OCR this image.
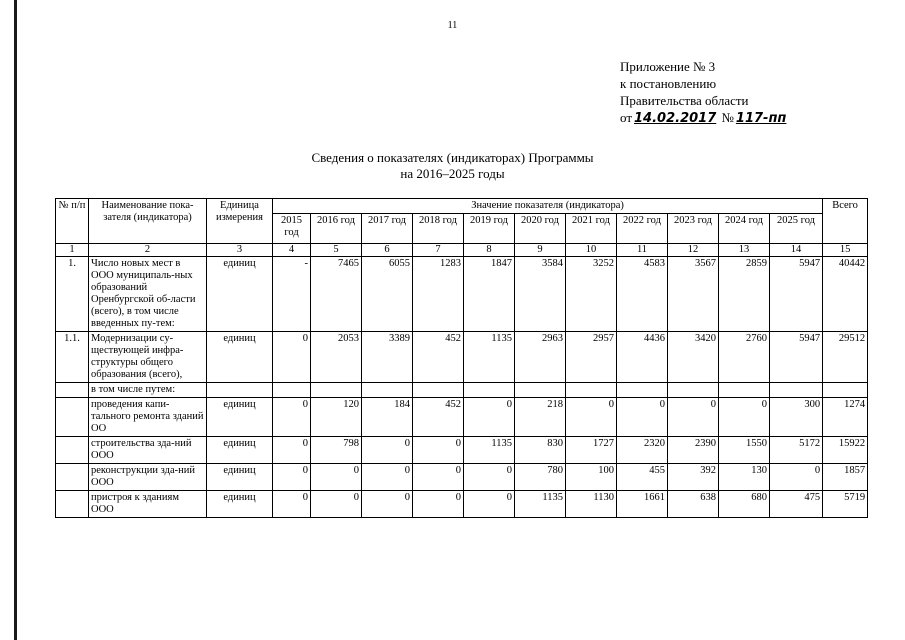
11
Приложение № 3
к постановлению
Правительства области
от 14.02.2017 № 117-пп
Сведения о показателях (индикаторах) Программы
на 2016–2025 годы
№ п/п	Наименование пока-зателя (индикатора)	Единица измерения	Значение показателя (индикатора)											Всего
			2015 год	2016 год	2017 год	2018 год	2019 год	2020 год	2021 год	2022 год	2023 год	2024 год	2025 год	
1	2	3	4	5	6	7	8	9	10	11	12	13	14	15
1.	Число новых мест в ООО муниципаль-ных образований Оренбургской об-ласти (всего), в том числе введенных пу-тем:	единиц	-	7465	6055	1283	1847	3584	3252	4583	3567	2859	5947	40442
1.1.	Модернизации су-ществующей инфра-структуры общего образования (всего),	единиц	0	2053	3389	452	1135	2963	2957	4436	3420	2760	5947	29512
	в том числе путем:													
	проведения капи-тального ремонта зданий ОО	единиц	0	120	184	452	0	218	0	0	0	0	300	1274
	строительства зда-ний ООО	единиц	0	798	0	0	1135	830	1727	2320	2390	1550	5172	15922
	реконструкции зда-ний ООО	единиц	0	0	0	0	0	780	100	455	392	130	0	1857
	пристроя к зданиям ООО	единиц	0	0	0	0	0	1135	1130	1661	638	680	475	5719
